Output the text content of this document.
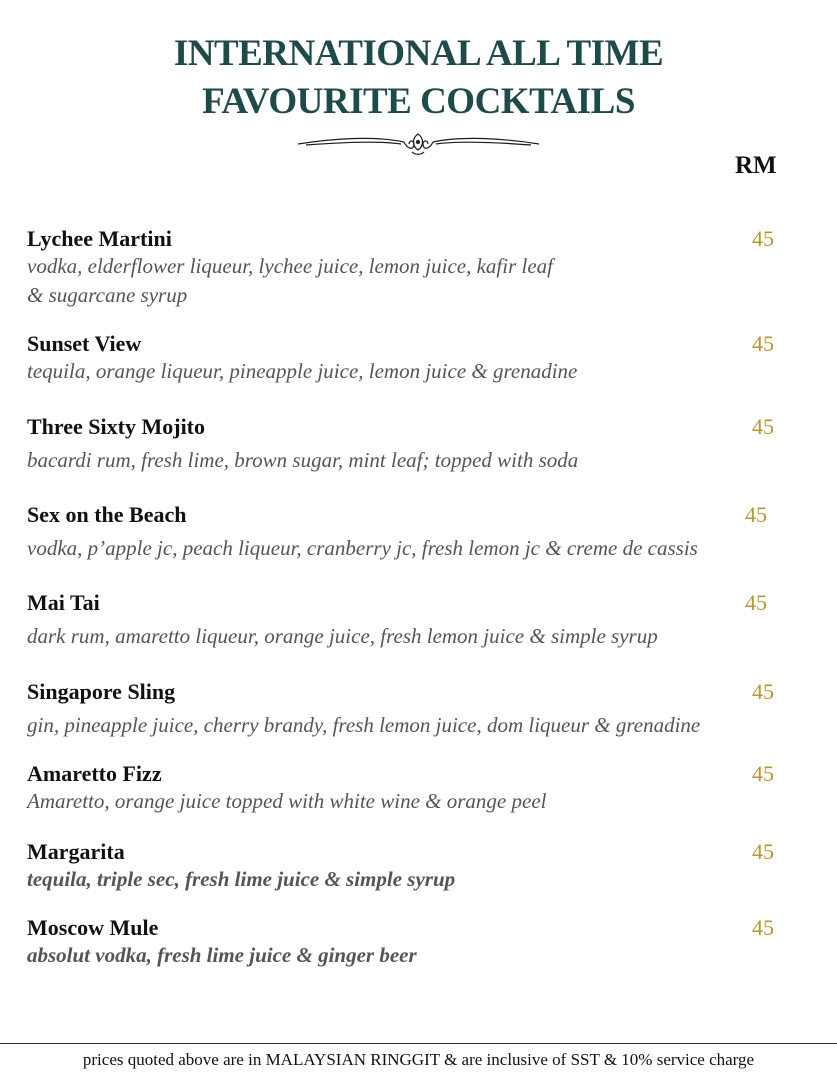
INTERNATIONAL ALL TIME
FAVOURITE COCKTAILS
RM
Lychee Martini	45
vodka, elderflower liqueur, lychee juice, lemon juice, kafir leaf
& sugarcane syrup
Sunset View	45
tequila, orange liqueur, pineapple juice, lemon juice & grenadine
Three Sixty Mojito	45
bacardi rum, fresh lime, brown sugar, mint leaf; topped with soda
Sex on the Beach	45
vodka, p’apple jc, peach liqueur, cranberry jc, fresh lemon jc & creme de cassis
Mai Tai	45
dark rum, amaretto liqueur, orange juice, fresh lemon juice & simple syrup
Singapore Sling	45
gin, pineapple juice, cherry brandy, fresh lemon juice, dom liqueur & grenadine
Amaretto Fizz	45
Amaretto, orange juice topped with white wine & orange peel
Margarita	45
tequila, triple sec, fresh lime juice & simple syrup
Moscow Mule	45
absolut vodka, fresh lime juice & ginger beer
prices quoted above are in MALAYSIAN RINGGIT & are inclusive of SST & 10% service charge
